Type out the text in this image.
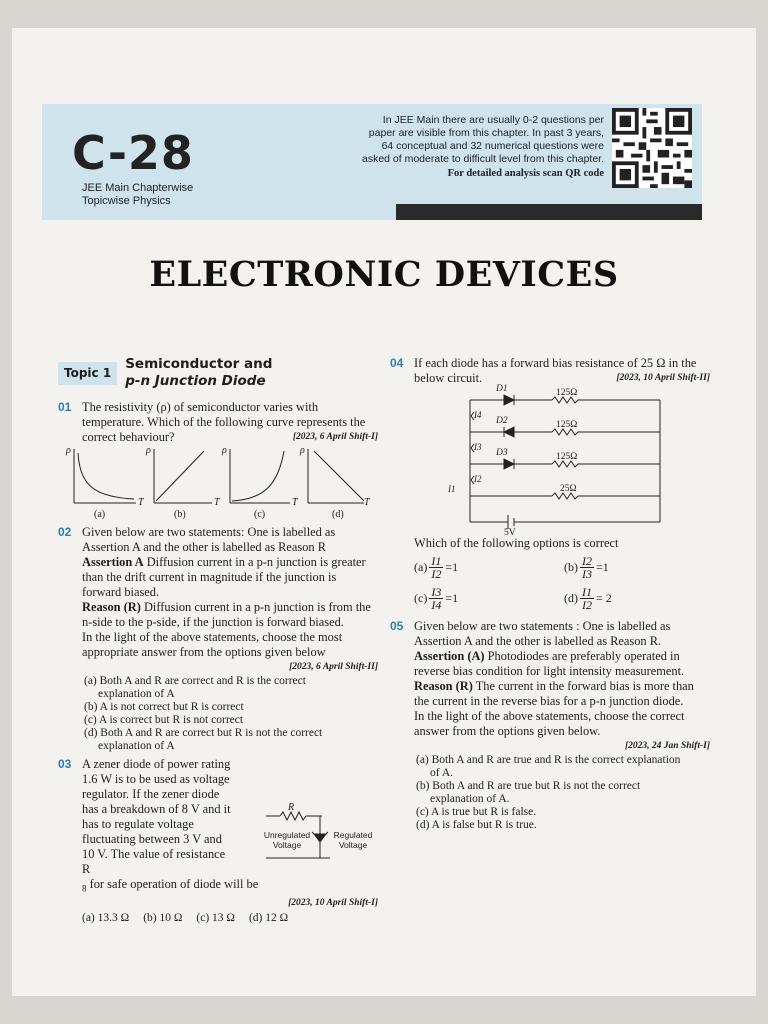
C-28
JEE Main Chapterwise
Topicwise Physics
In JEE Main there are usually 0-2 questions per
paper are visible from this chapter. In past 3 years,
64 conceptual and 32 numerical questions were
asked of moderate to difficult level from this chapter.
For detailed analysis scan QR code
ELECTRONIC DEVICES
Topic 1
Semiconductor and
p-n Junction Diode
01 The resistivity (ρ) of semiconductor varies with temperature. Which of the following curve represents the correct behaviour?	[2023, 6 April Shift-I]
ρ	ρ	ρ	ρ
T	T	T	T
(a)	(b)	(c)	(d)
02 Given below are two statements: One is labelled as Assertion A and the other is labelled as Reason R
Assertion A Diffusion current in a p-n junction is greater than the drift current in magnitude if the junction is forward biased.
Reason (R) Diffusion current in a p-n junction is from the n-side to the p-side, if the junction is forward biased.
In the light of the above statements, choose the most appropriate answer from the options given below
[2023, 6 April Shift-II]
(a) Both A and R are correct and R is the correct
explanation of A
(b) A is not correct but R is correct
(c) A is correct but R is not correct
(d) Both A and R are correct but R is not the correct
explanation of A
03 A zener diode of power rating 1.6 W is to be used as voltage regulator. If the zener diode has a breakdown of 8 V and it has to regulate voltage fluctuating between 3 V and 10 V. The value of resistance R
$_8$ for safe operation of diode will be
[2023, 10 April Shift-I]
(a) 13.3 Ω (b) 10 Ω (c) 13 Ω (d) 12 Ω
R
Unregulated Voltage
Regulated Voltage
04 If each diode has a forward bias resistance of 25 Ω in the below circuit.	[2023, 10 April Shift-II]
D1
D2
D3
125Ω
125Ω
125Ω
25Ω
I4
I3
I2
I1
5V
Which of the following options is correct
$(a) \frac{I1}{I2} =1$	$(b) \frac{I2}{I3} =1$
$(c) \frac{I3}{I4} =1$	$(d) \frac{I1}{I2} = 2$
05 Given below are two statements : One is labelled as Assertion A and the other is labelled as Reason R.
Assertion (A) Photodiodes are preferably operated in reverse bias condition for light intensity measurement.
Reason (R) The current in the forward bias is more than the current in the reverse bias for a p-n junction diode.
In the light of the above statements, choose the correct answer from the options given below.
[2023, 24 Jan Shift-I]
(a) Both A and R are true and R is the correct explanation
of A.
(b) Both A and R are true but R is not the correct
explanation of A.
(c) A is true but R is false.
(d) A is false but R is true.
